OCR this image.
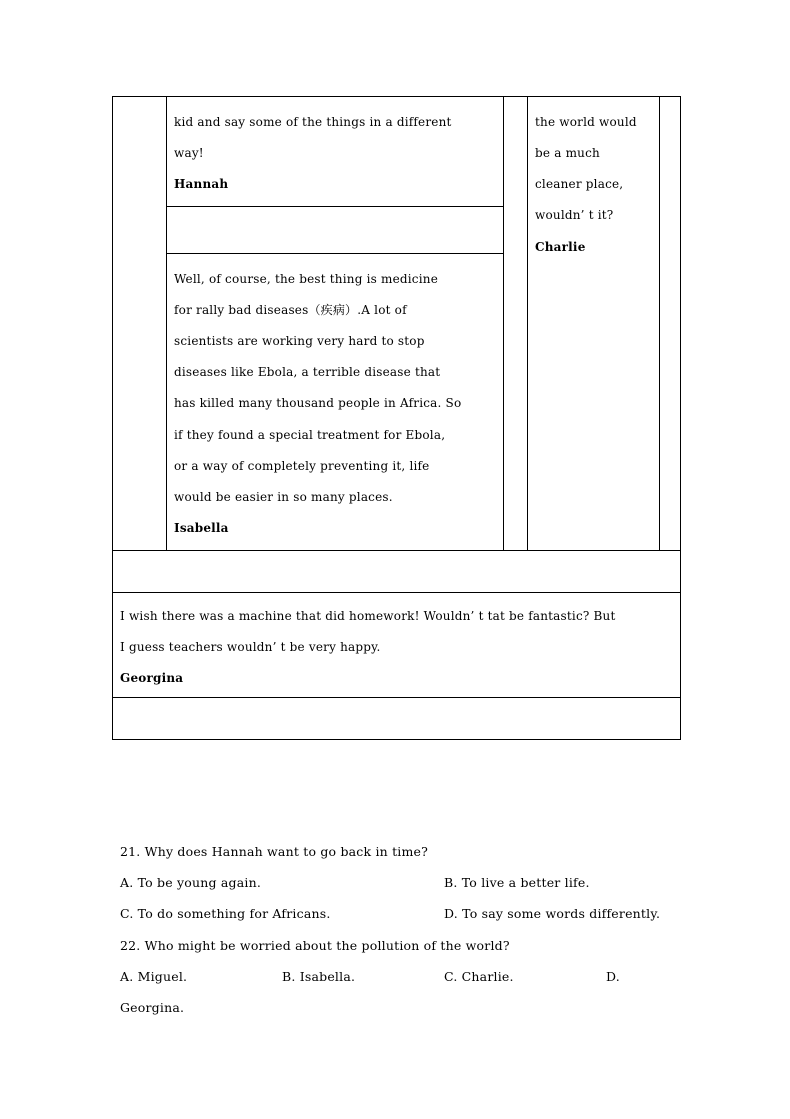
kid and say some of the things in a different
way!
Hannah
Well, of course, the best thing is medicine
for rally bad diseases（疾病）.A lot of
scientists are working very hard to stop
diseases like Ebola, a terrible disease that
has killed many thousand people in Africa. So
if they found a special treatment for Ebola,
or a way of completely preventing it, life
would be easier in so many places.
Isabella
the world would
be a much
cleaner place,
wouldn’ t it?
Charlie
I wish there was a machine that did homework! Wouldn’ t tat be fantastic? But
I guess teachers wouldn’ t be very happy.
Georgina
21. Why does Hannah want to go back in time?
A. To be young again.	B. To live a better life.
C. To do something for Africans.	D. To say some words differently.
22. Who might be worried about the pollution of the world?
A. Miguel.	B. Isabella.	C. Charlie.	D.
Georgina.
